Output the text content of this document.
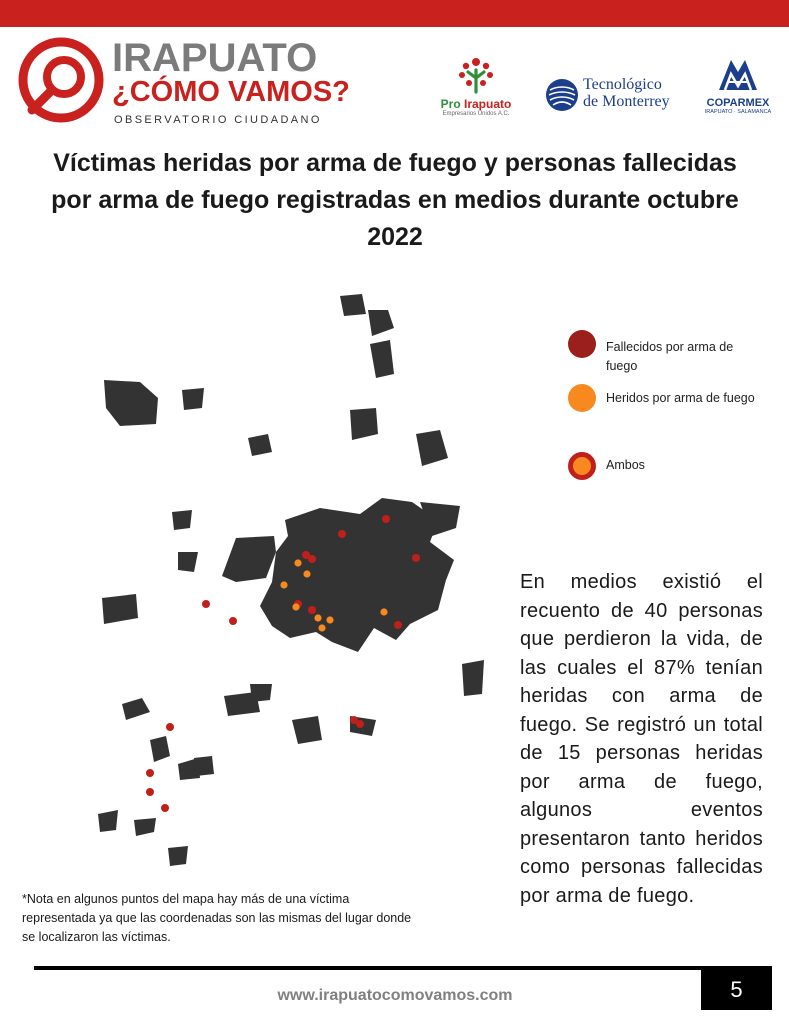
IRAPUATO
¿CÓMO VAMOS?
OBSERVATORIO CIUDADANO
Pro Irapuato
Empresarios Unidos A.C.
Tecnológico
de Monterrey	COPARMEX
IRAPUATO · SALAMANCA
Víctimas heridas por arma de fuego y personas fallecidas por arma de fuego registradas en medios durante octubre 2022
Fallecidos por arma de fuego
Heridos por arma de fuego
Ambos
En medios existió el recuento de 40 personas que perdieron la vida, de las cuales el 87% tenían heridas con arma de fuego. Se registró un total de 15 personas heridas por arma de fuego, algunos eventos presentaron tanto heridos como personas fallecidas por arma de fuego.
*Nota en algunos puntos del mapa hay más de una víctima representada ya que las coordenadas son las mismas del lugar donde se localizaron las víctimas.
www.irapuatocomovamos.com	5
